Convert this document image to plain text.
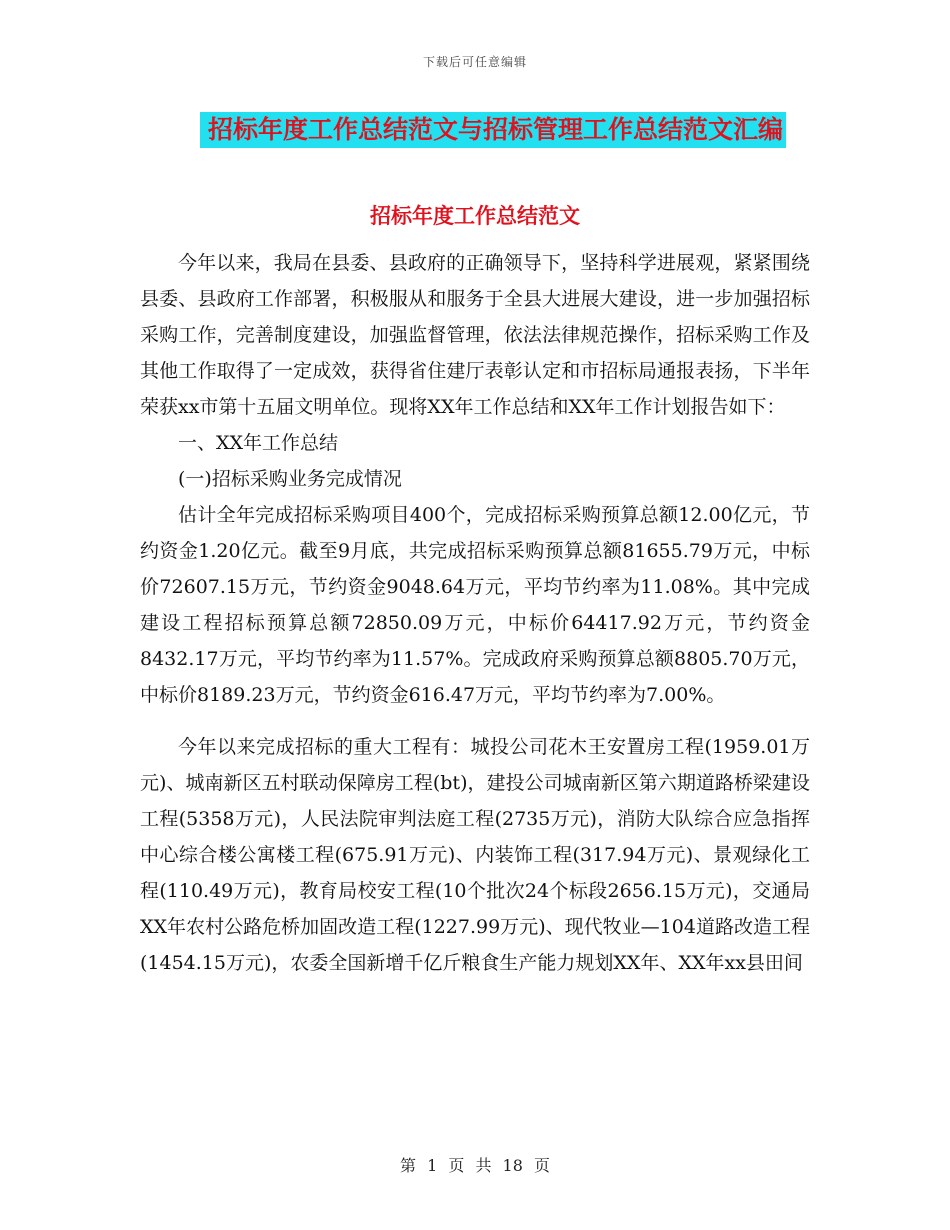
下载后可任意编辑
招标年度工作总结范文与招标管理工作总结范文汇编
招标年度工作总结范文

今年以来，我局在县委、县政府的正确领导下，坚持科学进展观，紧紧围绕县委、县政府工作部署，积极服从和服务于全县大进展大建设，进一步加强招标采购工作，完善制度建设，加强监督管理，依法法律规范操作，招标采购工作及其他工作取得了一定成效，获得省住建厅表彰认定和市招标局通报表扬，下半年荣获xx市第十五届文明单位。现将XX年工作总结和XX年工作计划报告如下：

一、XX年工作总结

(一)招标采购业务完成情况

估计全年完成招标采购项目400个，完成招标采购预算总额12.00亿元，节约资金1.20亿元。截至9月底，共完成招标采购预算总额81655.79万元，中标价72607.15万元，节约资金9048.64万元，平均节约率为11.08%。其中完成建设工程招标预算总额72850.09万元，中标价64417.92万元，节约资金8432.17万元，平均节约率为11.57%。完成政府采购预算总额8805.70万元，中标价8189.23万元，节约资金616.47万元，平均节约率为7.00%。

今年以来完成招标的重大工程有：城投公司花木王安置房工程(1959.01万元)、城南新区五村联动保障房工程(bt)，建投公司城南新区第六期道路桥梁建设工程(5358万元)，人民法院审判法庭工程(2735万元)，消防大队综合应急指挥中心综合楼公寓楼工程(675.91万元)、内装饰工程(317.94万元)、景观绿化工程(110.49万元)，教育局校安工程(10个批次24个标段2656.15万元)，交通局XX年农村公路危桥加固改造工程(1227.99万元)、现代牧业—104道路改造工程(1454.15万元)，农委全国新增千亿斤粮食生产能力规划XX年、XX年xx县田间

第 1 页 共 18 页
